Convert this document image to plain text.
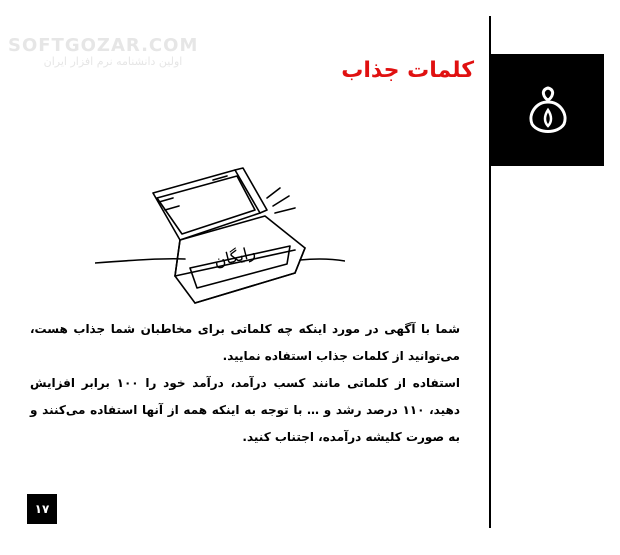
SOFTGOZAR.COM
اولین دانشنامه نرم افزار ایران	کلمات جذاب
رایگان

شما با آگهی در مورد اینکه چه کلماتی برای مخاطبان شما جذاب هست، می‌توانید از کلمات جذاب استفاده نمایید.

استفاده از کلماتی مانند کسب درآمد، درآمد خود را ۱۰۰ برابر افزایش دهید، ۱۱۰ درصد رشد و … با توجه به اینکه همه از آنها استفاده می‌کنند و به صورت کلیشه درآمده، اجتناب کنید.

۱۷
